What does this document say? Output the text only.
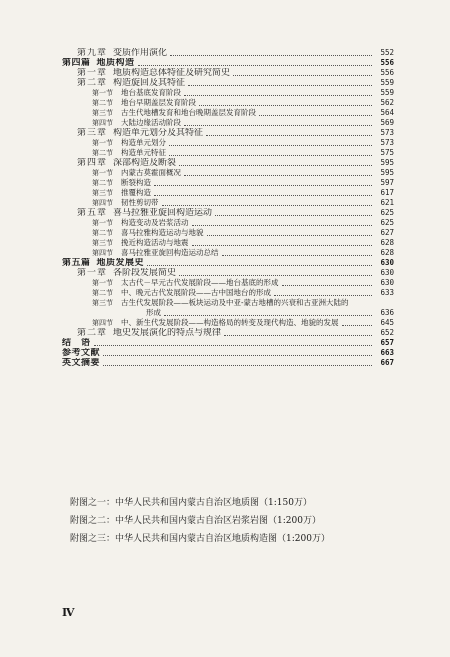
第九章 变质作用演化	552
第四篇 地质构造	556
第一章 地质构造总体特征及研究简史	556
第二章 构造旋回及其特征	559
第一节 地台基底发育阶段	559
第二节 地台早期盖层发育阶段	562
第三节 古生代地槽发育和地台晚期盖层发育阶段	564
第四节 大陆边缘活动阶段	569
第三章 构造单元划分及其特征	573
第一节 构造单元划分	573
第二节 构造单元特征	575
第四章 深部构造及断裂	595
第一节 内蒙古莫霍面概况	595
第二节 断裂构造	597
第三节 推覆构造	617
第四节 韧性剪切带	621
第五章 喜马拉雅亚旋回构造运动	625
第一节 构造变动及岩浆活动	625
第二节 喜马拉雅构造运动与地貌	627
第三节 挽近构造活动与地震	628
第四节 喜马拉雅亚旋回构造运动总结	628
第五篇 地质发展史	630
第一章 各阶段发展简史	630
第一节 太古代－早元古代发展阶段——地台基底的形成	630
第二节 中、晚元古代发展阶段——古中国地台的形成	633
第三节 古生代发展阶段——板块运动及中亚-蒙古地槽的兴衰和古亚洲大陆的
形成	636
第四节 中、新生代发展阶段——构造格局的转变及现代构造、地貌的发展	645
第二章 地史发展演化的特点与规律	652
结　语	657
参考文献	663
英文摘要	667
附图之一：中华人民共和国内蒙古自治区地质图（1:150万）
附图之二：中华人民共和国内蒙古自治区岩浆岩图（1:200万）
附图之三：中华人民共和国内蒙古自治区地质构造图（1:200万）
Ⅳ
